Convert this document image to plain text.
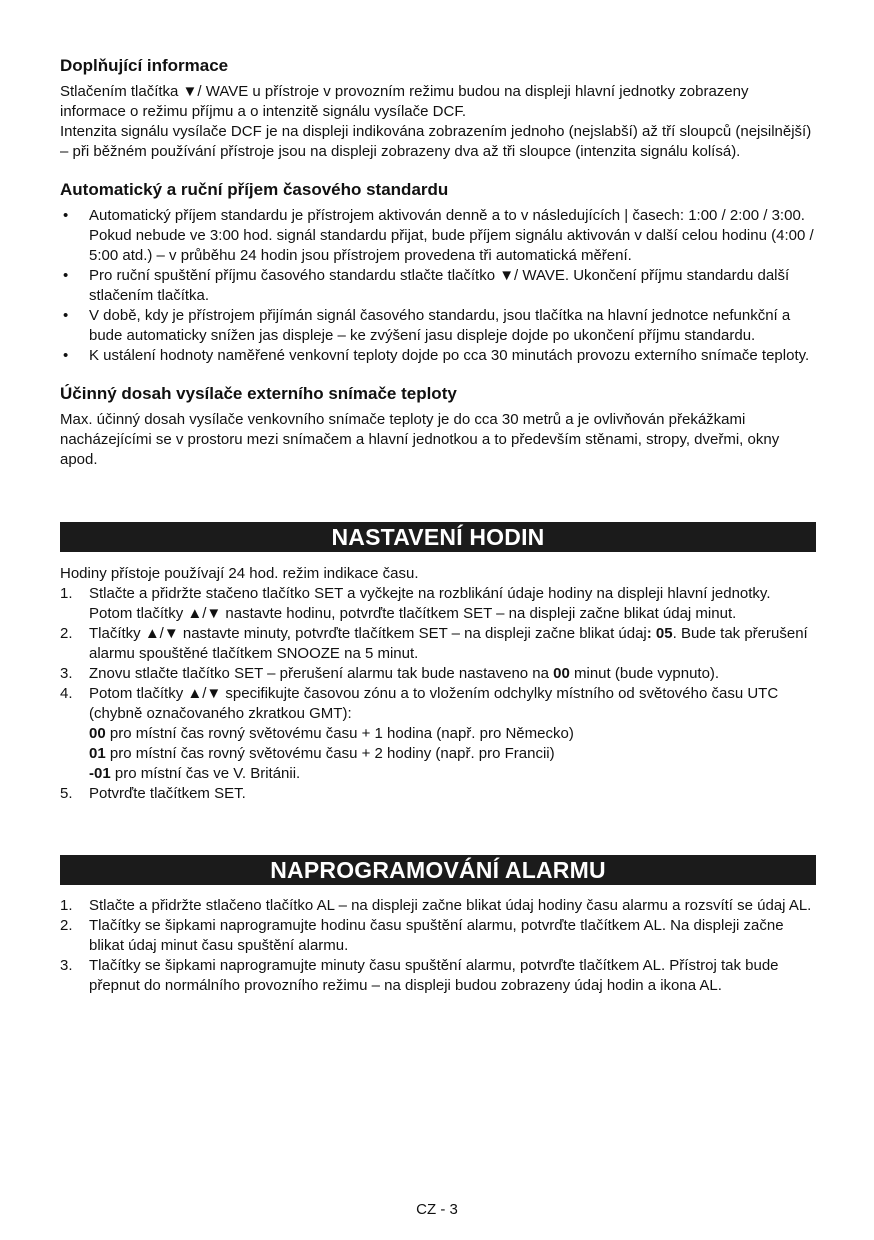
Doplňující informace

Stlačením tlačítka ▼/ WAVE u přístroje v provozním režimu budou na displeji hlavní jednotky zobrazeny informace o režimu příjmu a o intenzitě signálu vysílače DCF.

Intenzita signálu vysílače DCF je na displeji indikována zobrazením jednoho (nejslabší) až tří sloupců (nejsilnější) – při běžném používání přístroje jsou na displeji zobrazeny dva až tři sloupce (intenzita signálu kolísá).

Automatický a ruční příjem časového standardu
• Automatický příjem standardu je přístrojem aktivován denně a to v následujících | časech: 1:00 / 2:00 / 3:00. Pokud nebude ve 3:00 hod. signál standardu přijat, bude příjem signálu aktivován v další celou hodinu (4:00 / 5:00 atd.) – v průběhu 24 hodin jsou přístrojem provedena tři automatická měření.
• Pro ruční spuštění příjmu časového standardu stlačte tlačítko ▼/ WAVE. Ukončení příjmu standardu další stlačením tlačítka.
• V době, kdy je přístrojem přijímán signál časového standardu, jsou tlačítka na hlavní jednotce nefunkční a bude automaticky snížen jas displeje – ke zvýšení jasu displeje dojde po ukončení příjmu standardu.
• K ustálení hodnoty naměřené venkovní teploty dojde po cca 30 minutách provozu externího snímače teploty.
Účinný dosah vysílače externího snímače teploty

Max. účinný dosah vysílače venkovního snímače teploty je do cca 30 metrů a je ovlivňován překážkami nacházejícími se v prostoru mezi snímačem a hlavní jednotkou a to především stěnami, stropy, dveřmi, okny apod.

NASTAVENÍ HODIN

Hodiny přístoje používají 24 hod. režim indikace času.

1. Stlačte a přidržte stačeno tlačítko SET a vyčkejte na rozblikání údaje hodiny na displeji hlavní jednotky. Potom tlačítky ▲/▼ nastavte hodinu, potvrďte tlačítkem SET – na displeji začne blikat údaj minut.
2. Tlačítky ▲/▼ nastavte minuty, potvrďte tlačítkem SET – na displeji začne blikat údaj: 05. Bude tak přerušení alarmu spouštěné tlačítkem SNOOZE na 5 minut.
3. Znovu stlačte tlačítko SET – přerušení alarmu tak bude nastaveno na 00 minut (bude vypnuto).
4. Potom tlačítky ▲/▼ specifikujte časovou zónu a to vložením odchylky místního od světového času UTC (chybně označovaného zkratkou GMT):
00 pro místní čas rovný světovému času + 1 hodina (např. pro Německo)
01 pro místní čas rovný světovému času + 2 hodiny (např. pro Francii)
-01 pro místní čas ve V. Británii.
5. Potvrďte tlačítkem SET.
NAPROGRAMOVÁNÍ ALARMU
1. Stlačte a přidržte stlačeno tlačítko AL – na displeji začne blikat údaj hodiny času alarmu a rozsvítí se údaj AL.
2. Tlačítky se šipkami naprogramujte hodinu času spuštění alarmu, potvrďte tlačítkem AL. Na displeji začne blikat údaj minut času spuštění alarmu.
3. Tlačítky se šipkami naprogramujte minuty času spuštění alarmu, potvrďte tlačítkem AL. Přístroj tak bude přepnut do normálního provozního režimu – na displeji budou zobrazeny údaj hodin a ikona AL.
CZ - 3
